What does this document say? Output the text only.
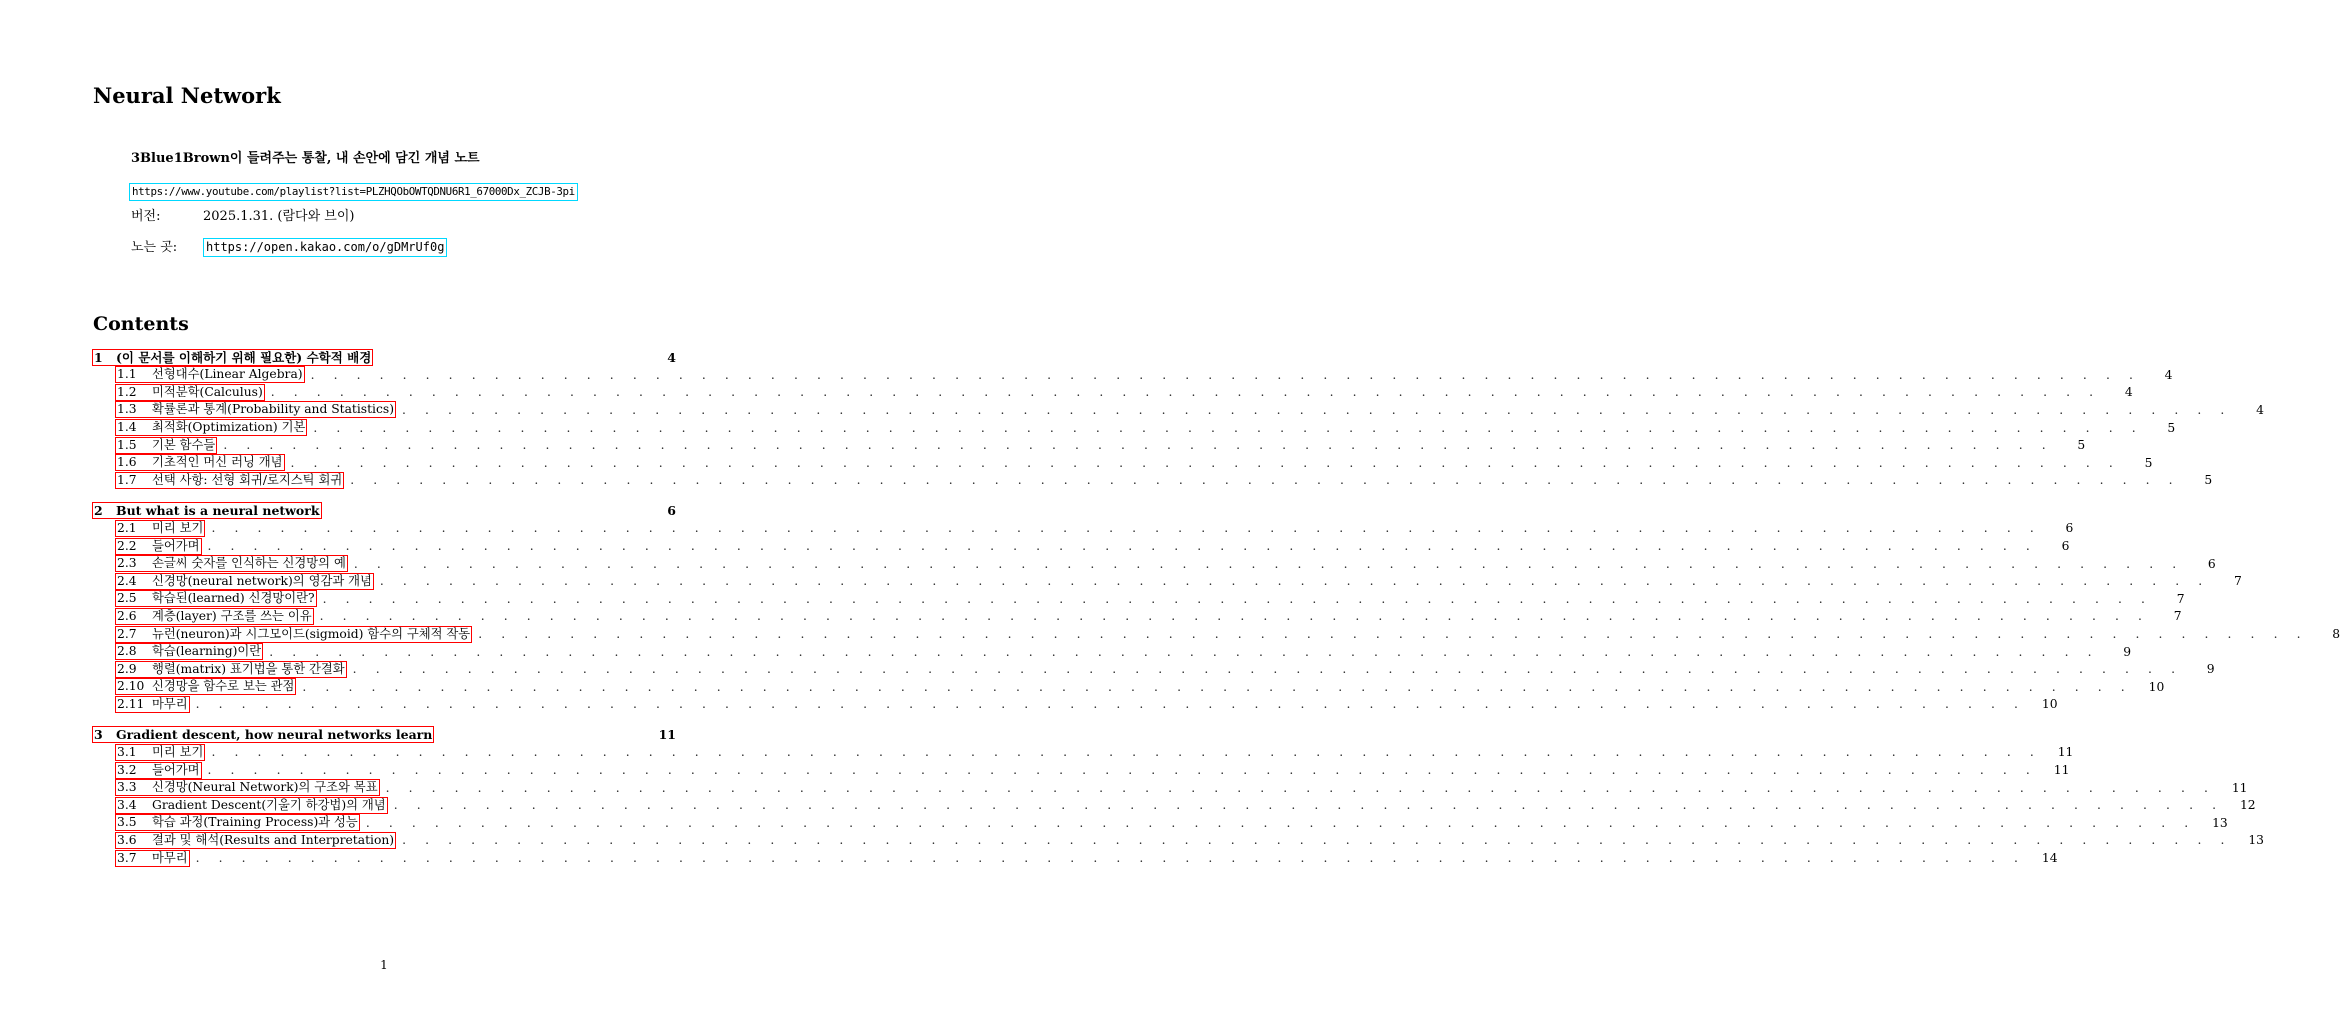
Neural Network
3Blue1Brown이 들려주는 통찰, 내 손안에 담긴 개념 노트
https://www.youtube.com/playlist?list=PLZHQObOWTQDNU6R1_67000Dx_ZCJB-3pi
버전:	2025.1.31. (람다와 브이)
노는 곳: https://open.kakao.com/o/gDMrUf0g
Contents
1	(이 문서를 이해하기 위해 필요한) 수학적 배경	4
1.1	선형대수(Linear Algebra) . . . . . . . . . . . . . . . . . . . . . . . . . . . . . . . . . . . . . . . . . . . . . . . . . . . . . . . . . . . . . . . . . . . . . . . . . . . . . . . .	4
1.2	미적분학(Calculus) . . . . . . . . . . . . . . . . . . . . . . . . . . . . . . . . . . . . . . . . . . . . . . . . . . . . . . . . . . . . . . . . . . . . . . . . . . . . . . . .	4
1.3	확률론과 통계(Probability and Statistics) . . . . . . . . . . . . . . . . . . . . . . . . . . . . . . . . . . . . . . . . . . . . . . . . . . . . . . . . . . . . . . . . . . . . . . . . . . . . . . . .	4
1.4	최적화(Optimization) 기본 . . . . . . . . . . . . . . . . . . . . . . . . . . . . . . . . . . . . . . . . . . . . . . . . . . . . . . . . . . . . . . . . . . . . . . . . . . . . . . . .	5
1.5	기본 함수들 . . . . . . . . . . . . . . . . . . . . . . . . . . . . . . . . . . . . . . . . . . . . . . . . . . . . . . . . . . . . . . . . . . . . . . . . . . . . . . . .	5
1.6	기초적인 머신 러닝 개념 . . . . . . . . . . . . . . . . . . . . . . . . . . . . . . . . . . . . . . . . . . . . . . . . . . . . . . . . . . . . . . . . . . . . . . . . . . . . . . . .	5
1.7	선택 사항: 선형 회귀/로지스틱 회귀 . . . . . . . . . . . . . . . . . . . . . . . . . . . . . . . . . . . . . . . . . . . . . . . . . . . . . . . . . . . . . . . . . . . . . . . . . . . . . . . .	5
2	But what is a neural network	6
2.1	미리 보기 . . . . . . . . . . . . . . . . . . . . . . . . . . . . . . . . . . . . . . . . . . . . . . . . . . . . . . . . . . . . . . . . . . . . . . . . . . . . . . . .	6
2.2	들어가며 . . . . . . . . . . . . . . . . . . . . . . . . . . . . . . . . . . . . . . . . . . . . . . . . . . . . . . . . . . . . . . . . . . . . . . . . . . . . . . . .	6
2.3	손글씨 숫자를 인식하는 신경망의 예 . . . . . . . . . . . . . . . . . . . . . . . . . . . . . . . . . . . . . . . . . . . . . . . . . . . . . . . . . . . . . . . . . . . . . . . . . . . . . . . .	6
2.4	신경망(neural network)의 영감과 개념 . . . . . . . . . . . . . . . . . . . . . . . . . . . . . . . . . . . . . . . . . . . . . . . . . . . . . . . . . . . . . . . . . . . . . . . . . . . . . . . .	7
2.5	학습된(learned) 신경망이란? . . . . . . . . . . . . . . . . . . . . . . . . . . . . . . . . . . . . . . . . . . . . . . . . . . . . . . . . . . . . . . . . . . . . . . . . . . . . . . . .	7
2.6	계층(layer) 구조를 쓰는 이유 . . . . . . . . . . . . . . . . . . . . . . . . . . . . . . . . . . . . . . . . . . . . . . . . . . . . . . . . . . . . . . . . . . . . . . . . . . . . . . . .	7
2.7	뉴런(neuron)과 시그모이드(sigmoid) 함수의 구체적 작동 . . . . . . . . . . . . . . . . . . . . . . . . . . . . . . . . . . . . . . . . . . . . . . . . . . . . . . . . . . . . . . . . . . . . . . . . . . . . . . . .	8
2.8	학습(learning)이란 . . . . . . . . . . . . . . . . . . . . . . . . . . . . . . . . . . . . . . . . . . . . . . . . . . . . . . . . . . . . . . . . . . . . . . . . . . . . . . . .	9
2.9	행렬(matrix) 표기법을 통한 간결화 . . . . . . . . . . . . . . . . . . . . . . . . . . . . . . . . . . . . . . . . . . . . . . . . . . . . . . . . . . . . . . . . . . . . . . . . . . . . . . . .	9
2.10 신경망을 함수로 보는 관점 . . . . . . . . . . . . . . . . . . . . . . . . . . . . . . . . . . . . . . . . . . . . . . . . . . . . . . . . . . . . . . . . . . . . . . . . . . . . . . . .	10
2.11 마무리 . . . . . . . . . . . . . . . . . . . . . . . . . . . . . . . . . . . . . . . . . . . . . . . . . . . . . . . . . . . . . . . . . . . . . . . . . . . . . . . .	10
3	Gradient descent, how neural networks learn	11
3.1	미리 보기 . . . . . . . . . . . . . . . . . . . . . . . . . . . . . . . . . . . . . . . . . . . . . . . . . . . . . . . . . . . . . . . . . . . . . . . . . . . . . . . .	11
3.2	들어가며 . . . . . . . . . . . . . . . . . . . . . . . . . . . . . . . . . . . . . . . . . . . . . . . . . . . . . . . . . . . . . . . . . . . . . . . . . . . . . . . .	11
3.3	신경망(Neural Network)의 구조와 목표 . . . . . . . . . . . . . . . . . . . . . . . . . . . . . . . . . . . . . . . . . . . . . . . . . . . . . . . . . . . . . . . . . . . . . . . . . . . . . . . .	11
3.4	Gradient Descent(기울기 하강법)의 개념 . . . . . . . . . . . . . . . . . . . . . . . . . . . . . . . . . . . . . . . . . . . . . . . . . . . . . . . . . . . . . . . . . . . . . . . . . . . . . . . .	12
3.5	학습 과정(Training Process)과 성능 . . . . . . . . . . . . . . . . . . . . . . . . . . . . . . . . . . . . . . . . . . . . . . . . . . . . . . . . . . . . . . . . . . . . . . . . . . . . . . . .	13
3.6	결과 및 해석(Results and Interpretation) . . . . . . . . . . . . . . . . . . . . . . . . . . . . . . . . . . . . . . . . . . . . . . . . . . . . . . . . . . . . . . . . . . . . . . . . . . . . . . . .	13
3.7	마무리 . . . . . . . . . . . . . . . . . . . . . . . . . . . . . . . . . . . . . . . . . . . . . . . . . . . . . . . . . . . . . . . . . . . . . . . . . . . . . . . .	14
1
